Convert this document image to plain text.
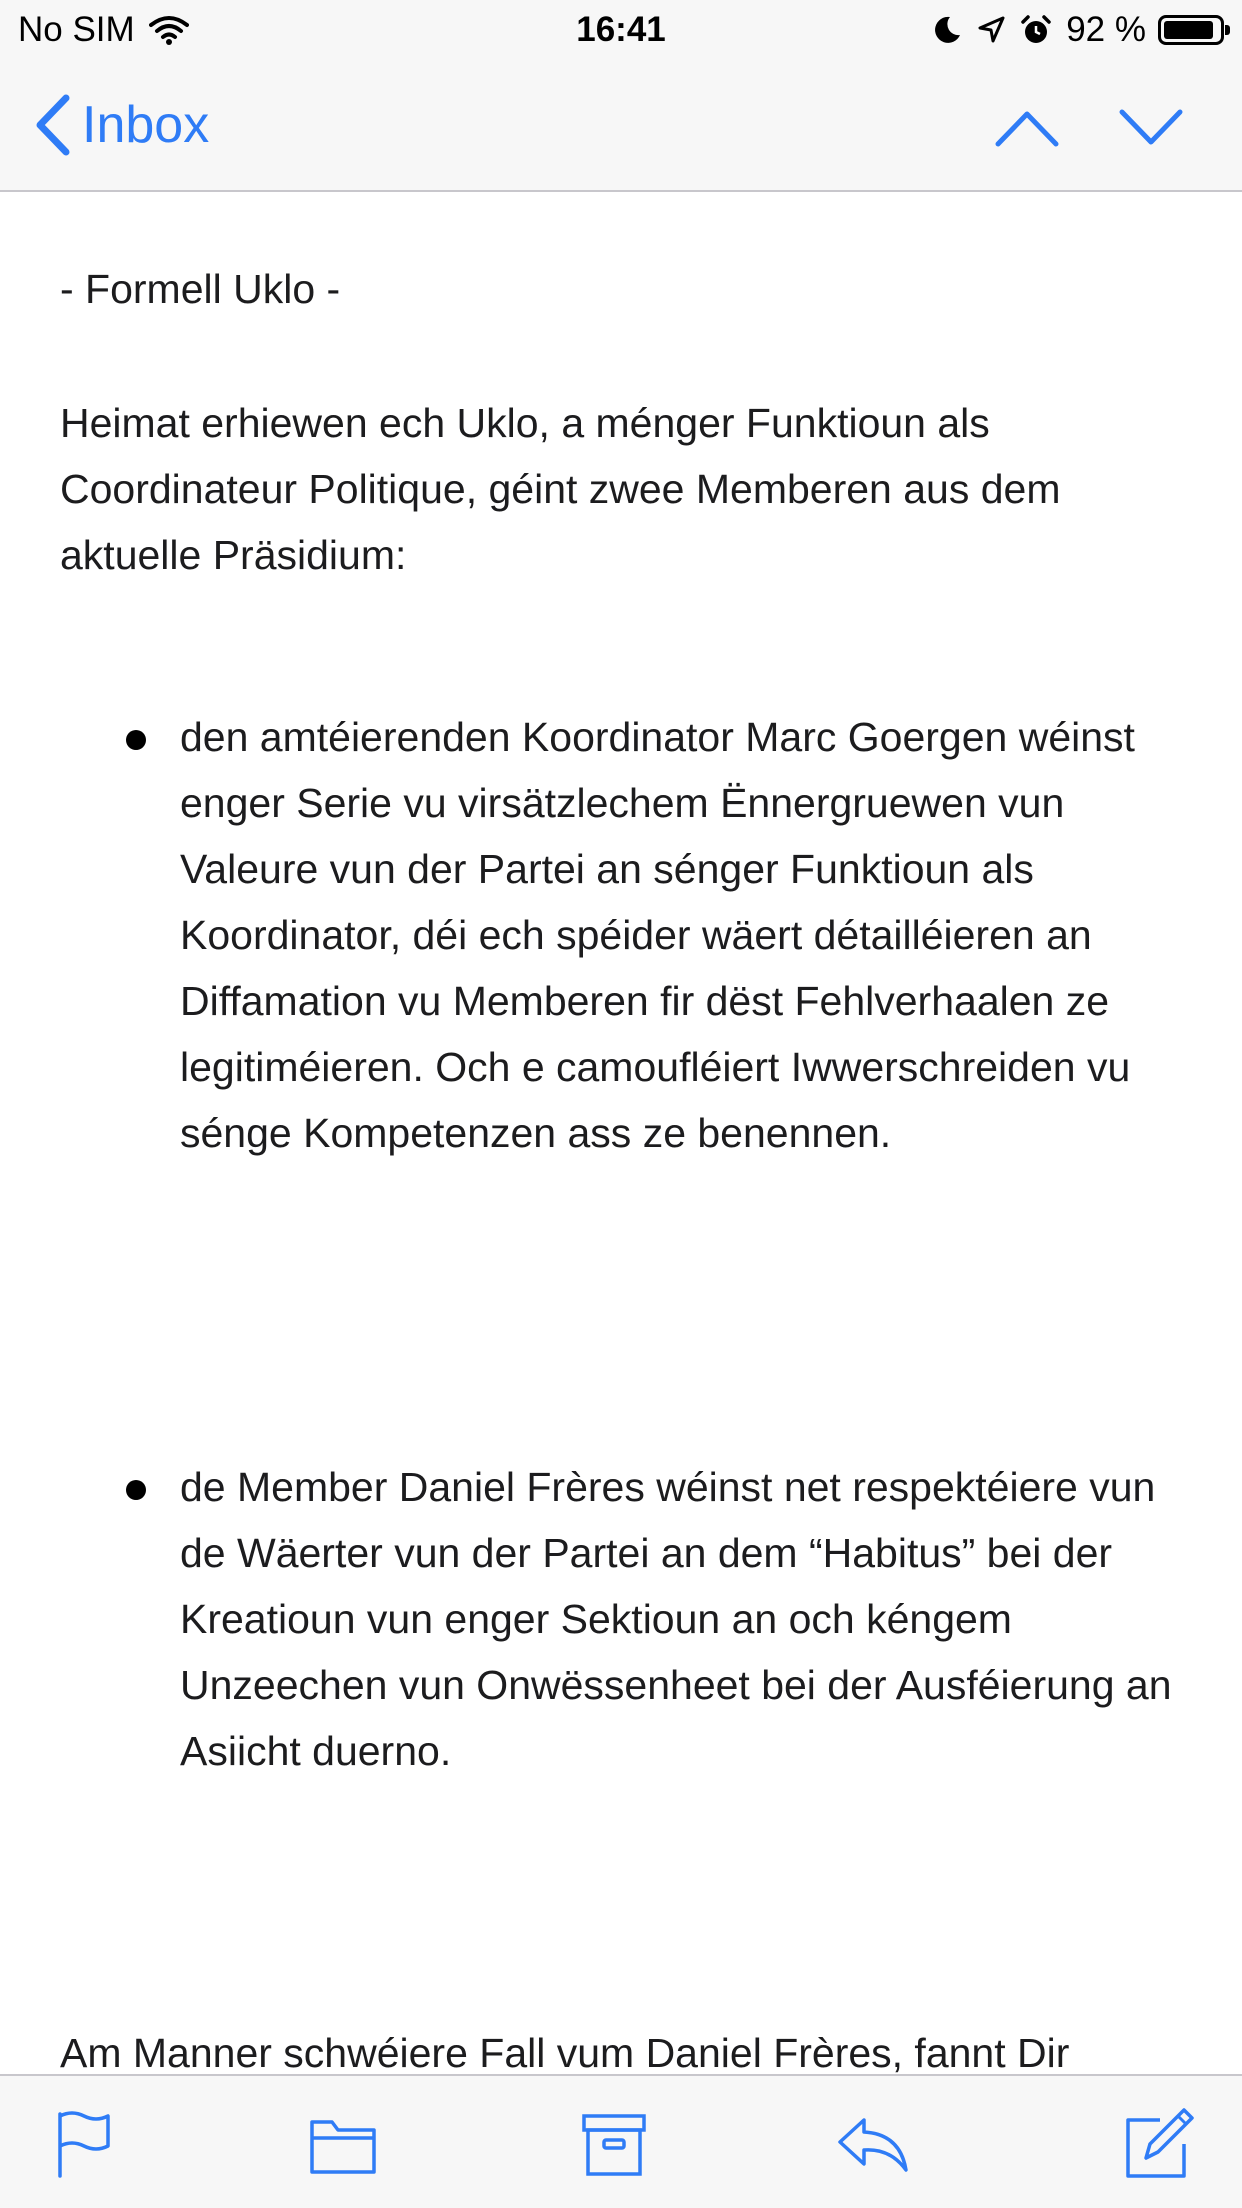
No SIM	16:41	92 %
Inbox

- Formell Uklo -

Heimat erhiewen ech Uklo, a ménger Funktioun als Coordinateur Politique, géint zwee Memberen aus dem aktuelle Präsidium:

den amtéierenden Koordinator Marc Goergen wéinst enger Serie vu virsätzlechem Ënnergruewen vun Valeure vun der Partei an sénger Funktioun als Koordinator, déi ech spéider wäert détailléieren an Diffamation vu Memberen fir dëst Fehlverhaalen ze legitiméieren. Och e camoufléiert Iwwerschreiden vu sénge Kompetenzen ass ze benennen.

de Member Daniel Frères wéinst net respektéiere vun de Wäerter vun der Partei an dem “Habitus” bei der Kreatioun vun enger Sektioun an och kéngem Unzeechen vun Onwëssenheet bei der Ausféierung an Asiicht duerno.

Am Manner schwéiere Fall vum Daniel Frères, fannt Dir
